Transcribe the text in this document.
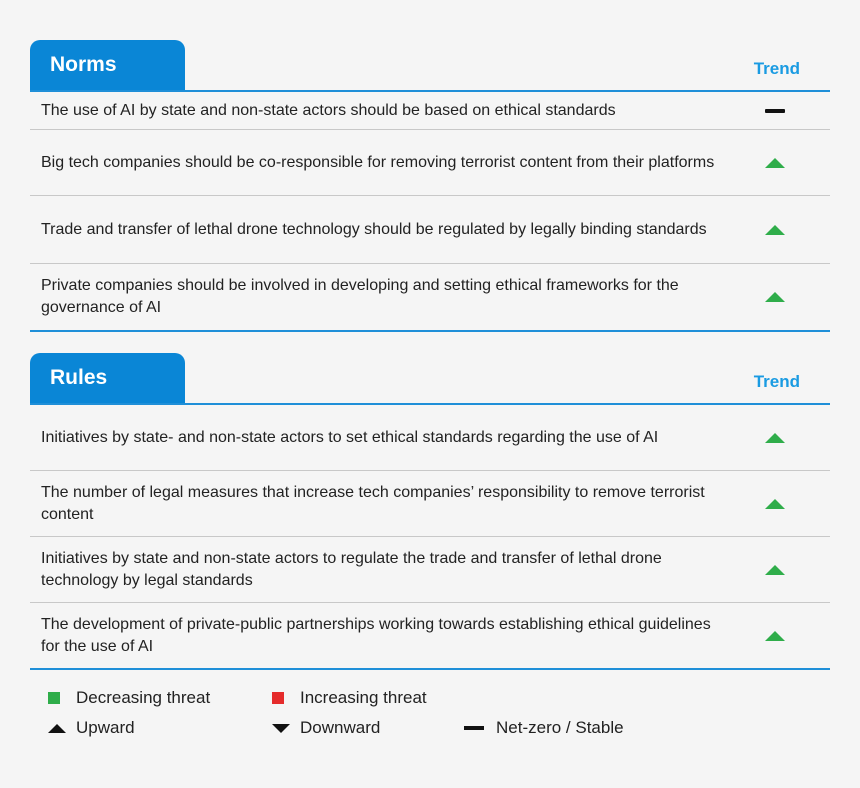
Norms	Trend
The use of AI by state and non-state actors should be based on ethical standards
Big tech companies should be co-responsible for removing terrorist content from their platforms
Trade and transfer of lethal drone technology should be regulated by legally binding standards
Private companies should be involved in developing and setting ethical frameworks for the governance of AI
Rules	Trend
Initiatives by state- and non-state actors to set ethical standards regarding the use of AI
The number of legal measures that increase tech companies’ responsibility to remove terrorist content
Initiatives by state and non-state actors to regulate the trade and transfer of lethal drone technology by legal standards
The development of private-public partnerships working towards establishing ethical guidelines for the use of AI
Decreasing threat	Increasing threat
Upward	Downward	Net-zero / Stable
